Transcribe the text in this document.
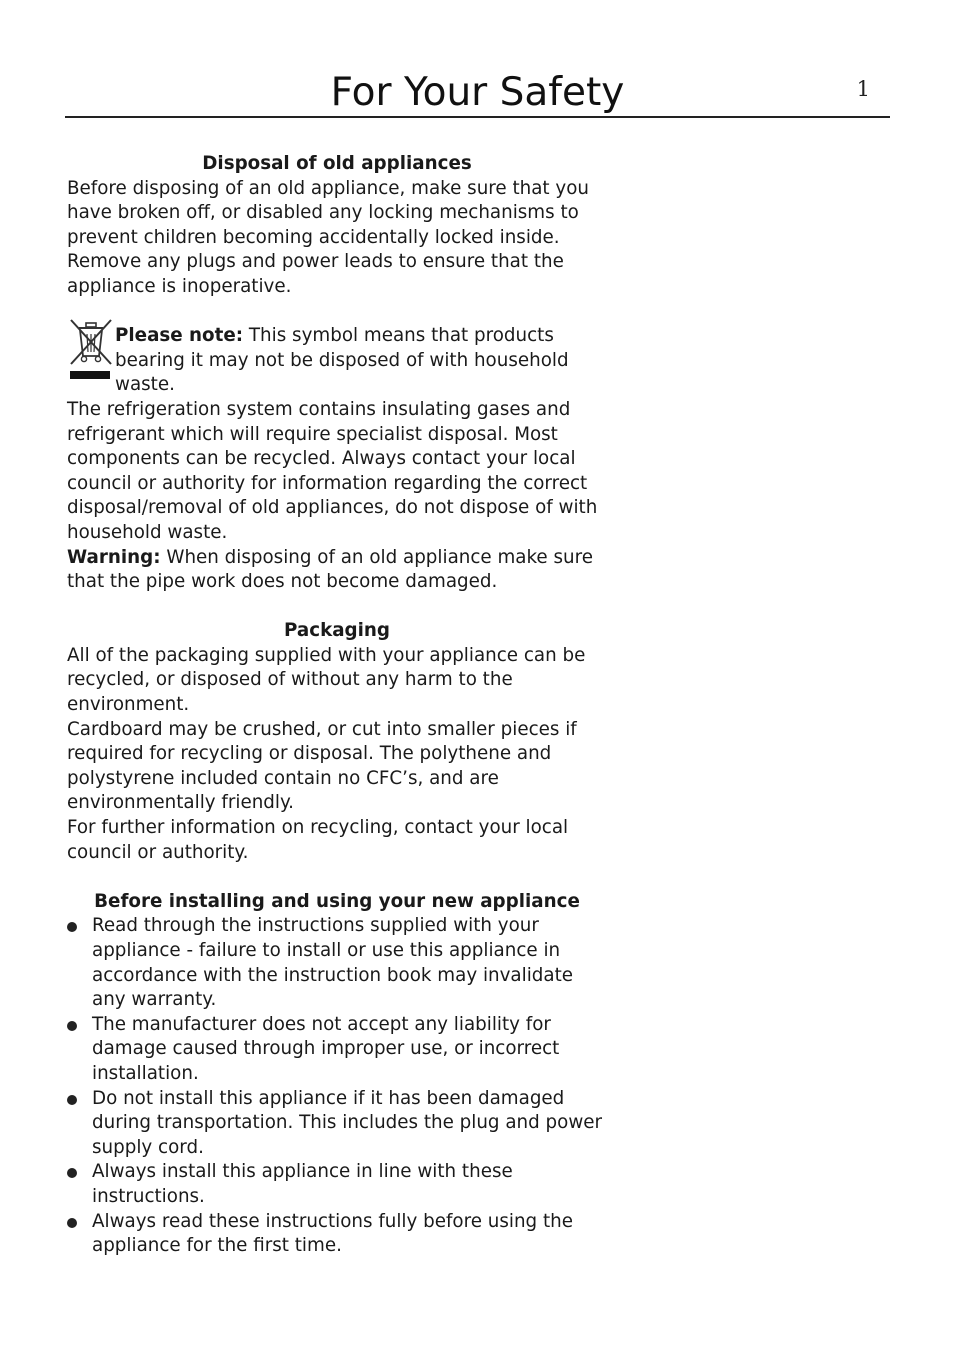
For Your Safety	1
Disposal of old appliances

Before disposing of an old appliance, make sure that you have broken off, or disabled any locking mechanisms to prevent children becoming accidentally locked inside. Remove any plugs and power leads to ensure that the appliance is inoperative.

Please note: This symbol means that products bearing it may not be disposed of with household waste.

The refrigeration system contains insulating gases and refrigerant which will require specialist disposal. Most components can be recycled. Always contact your local council or authority for information regarding the correct disposal/removal of old appliances, do not dispose of with household waste.

Warning: When disposing of an old appliance make sure that the pipe work does not become damaged.

Packaging

All of the packaging supplied with your appliance can be recycled, or disposed of without any harm to the environment.

Cardboard may be crushed, or cut into smaller pieces if required for recycling or disposal. The polythene and polystyrene included contain no CFC’s, and are environmentally friendly.

For further information on recycling, contact your local council or authority.

Before installing and using your new appliance
Read through the instructions supplied with your appliance - failure to install or use this appliance in accordance with the instruction book may invalidate any warranty.
The manufacturer does not accept any liability for damage caused through improper use, or incorrect installation.
Do not install this appliance if it has been damaged during transportation. This includes the plug and power supply cord.
Always install this appliance in line with these instructions.
Always read these instructions fully before using the appliance for the first time.
